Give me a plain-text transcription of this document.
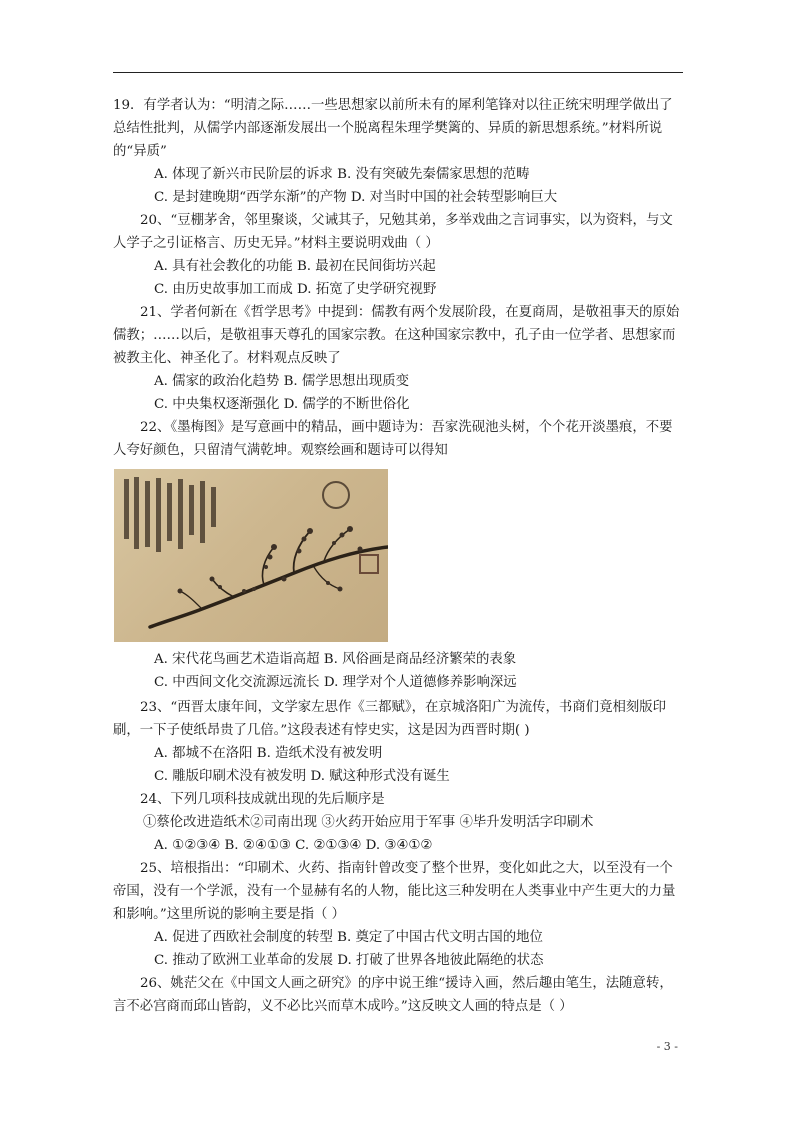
19．有学者认为：“明清之际……一些思想家以前所未有的犀利笔锋对以往正统宋明理学做出了总结性批判，从儒学内部逐渐发展出一个脱离程朱理学樊篱的、异质的新思想系统。”材料所说的“异质”

A. 体现了新兴市民阶层的诉求 B. 没有突破先秦儒家思想的范畴

C. 是封建晚期“西学东渐”的产物 D. 对当时中国的社会转型影响巨大

20、“豆棚茅舍，邻里聚谈，父诫其子，兄勉其弟，多举戏曲之言词事实，以为资料，与文人学子之引证格言、历史无异。”材料主要说明戏曲（ ）

A. 具有社会教化的功能 B. 最初在民间街坊兴起

C. 由历史故事加工而成 D. 拓宽了史学研究视野

21、学者何新在《哲学思考》中提到：儒教有两个发展阶段，在夏商周，是敬祖事天的原始儒教；……以后，是敬祖事天尊孔的国家宗教。在这种国家宗教中，孔子由一位学者、思想家而被教主化、神圣化了。材料观点反映了

A. 儒家的政治化趋势 B. 儒学思想出现质变

C. 中央集权逐渐强化 D. 儒学的不断世俗化

22、《墨梅图》是写意画中的精品，画中题诗为：吾家洗砚池头树，个个花开淡墨痕，不要人夸好颜色，只留清气满乾坤。观察绘画和题诗可以得知

A. 宋代花鸟画艺术造诣高超 B. 风俗画是商品经济繁荣的表象

C. 中西间文化交流源远流长 D. 理学对个人道德修养影响深远

23、“西晋太康年间，文学家左思作《三都赋》，在京城洛阳广为流传，书商们竟相刻版印刷，一下子使纸昂贵了几倍。”这段表述有悖史实，这是因为西晋时期( )

A. 都城不在洛阳 B. 造纸术没有被发明

C. 雕版印刷术没有被发明 D. 赋这种形式没有诞生

24、下列几项科技成就出现的先后顺序是

①蔡伦改进造纸术②司南出现 ③火药开始应用于军事 ④毕升发明活字印刷术

A. ①②③④ B. ②④①③ C. ②①③④ D. ③④①②

25、培根指出：“印刷术、火药、指南针曾改变了整个世界，变化如此之大，以至没有一个帝国，没有一个学派，没有一个显赫有名的人物，能比这三种发明在人类事业中产生更大的力量和影响。”这里所说的影响主要是指（ ）

A. 促进了西欧社会制度的转型 B. 奠定了中国古代文明古国的地位

C. 推动了欧洲工业革命的发展 D. 打破了世界各地彼此隔绝的状态

26、姚茫父在《中国文人画之研究》的序中说王维“援诗入画，然后趣由笔生，法随意转，言不必宫商而邱山皆韵，义不必比兴而草木成吟。”这反映文人画的特点是（ ）

- 3 -
